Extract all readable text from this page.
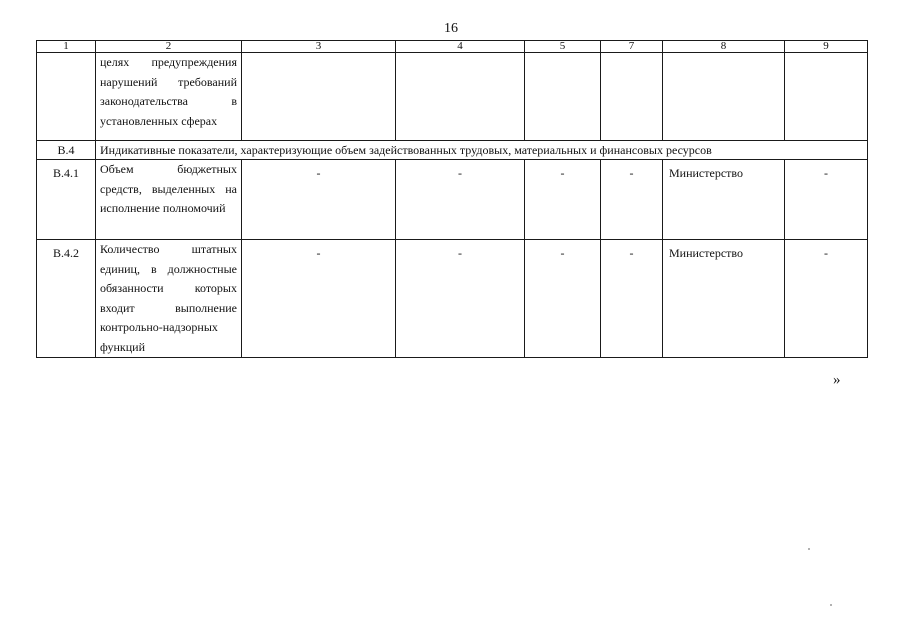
16
1	2	3	4	5	7	8	9
	целях предупреждения нарушений требований законодательства в установленных сферах						
В.4	Индикативные показатели, характеризующие объем задействованных трудовых, материальных и финансовых ресурсов						
В.4.1	Объем бюджетных средств, выделенных на исполнение полномочий	-	-	-	-	Министерство	-
В.4.2	Количество штатных единиц, в должностные обязанности которых входит выполнение контрольно-надзорных функций	-	-	-	-	Министерство	-
»
